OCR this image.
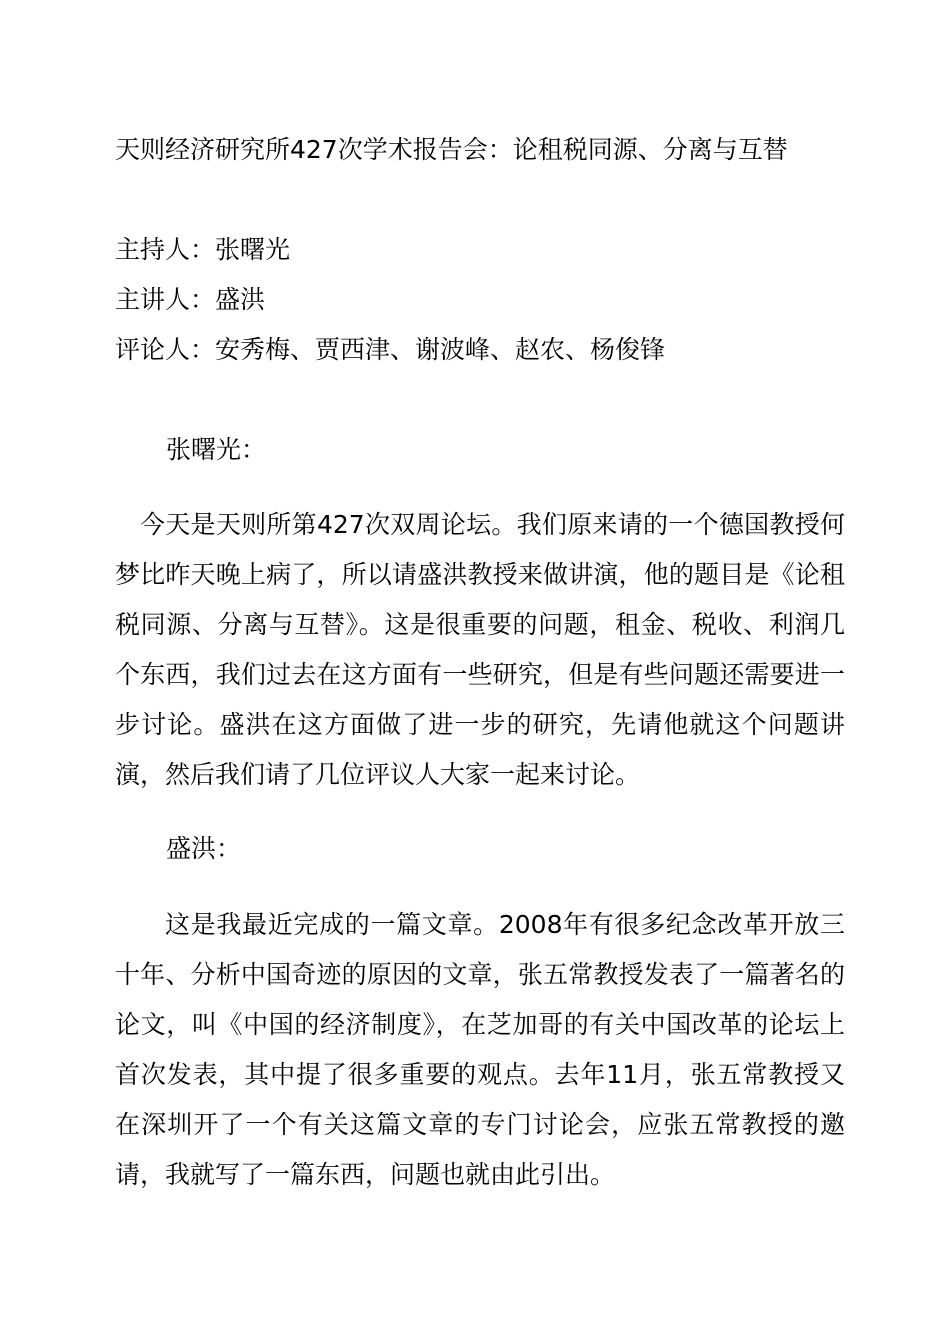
天则经济研究所427次学术报告会：论租税同源、分离与互替
主持人：张曙光
主讲人：盛洪
评论人：安秀梅、贾西津、谢波峰、赵农、杨俊锋
张曙光：
今天是天则所第427次双周论坛。我们原来请的一个德国教授何梦比昨天晚上病了，所以请盛洪教授来做讲演，他的题目是《论租税同源、分离与互替》。这是很重要的问题，租金、税收、利润几个东西，我们过去在这方面有一些研究，但是有些问题还需要进一步讨论。盛洪在这方面做了进一步的研究，先请他就这个问题讲演，然后我们请了几位评议人大家一起来讨论。
盛洪：
这是我最近完成的一篇文章。2008年有很多纪念改革开放三十年、分析中国奇迹的原因的文章，张五常教授发表了一篇著名的论文，叫《中国的经济制度》，在芝加哥的有关中国改革的论坛上首次发表，其中提了很多重要的观点。去年11月，张五常教授又在深圳开了一个有关这篇文章的专门讨论会，应张五常教授的邀请，我就写了一篇东西，问题也就由此引出。
